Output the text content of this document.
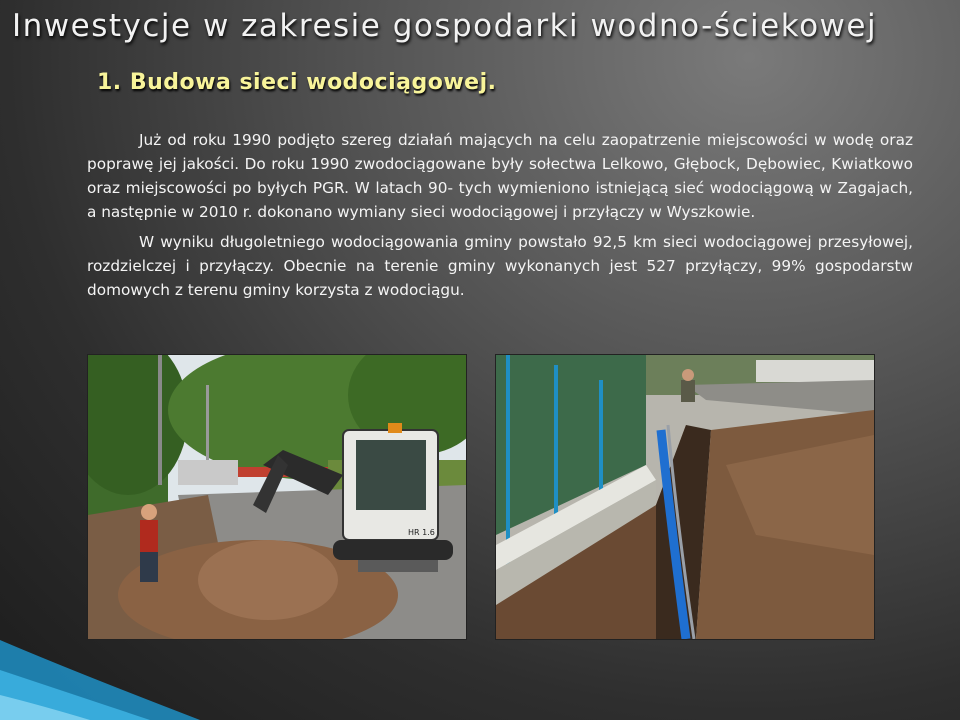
Inwestycje w zakresie gospodarki wodno-ściekowej
1. Budowa sieci wodociągowej.

Już od roku 1990 podjęto szereg działań mających na celu zaopatrzenie miejscowości w wodę oraz poprawę jej jakości. Do roku 1990 zwodociągowane były sołectwa Lelkowo, Głębock, Dębowiec, Kwiatkowo oraz miejscowości po byłych PGR. W latach 90- tych wymieniono istniejącą sieć wodociągową w Zagajach, a następnie w 2010 r. dokonano wymiany sieci wodociągowej i przyłączy w Wyszkowie.

W wyniku długoletniego wodociągowania gminy powstało 92,5 km sieci wodociągowej przesyłowej, rozdzielczej i przyłączy. Obecnie na terenie gminy wykonanych jest 527 przyłączy, 99% gospodarstw domowych z terenu gminy korzysta z wodociągu.

HR 1.6
